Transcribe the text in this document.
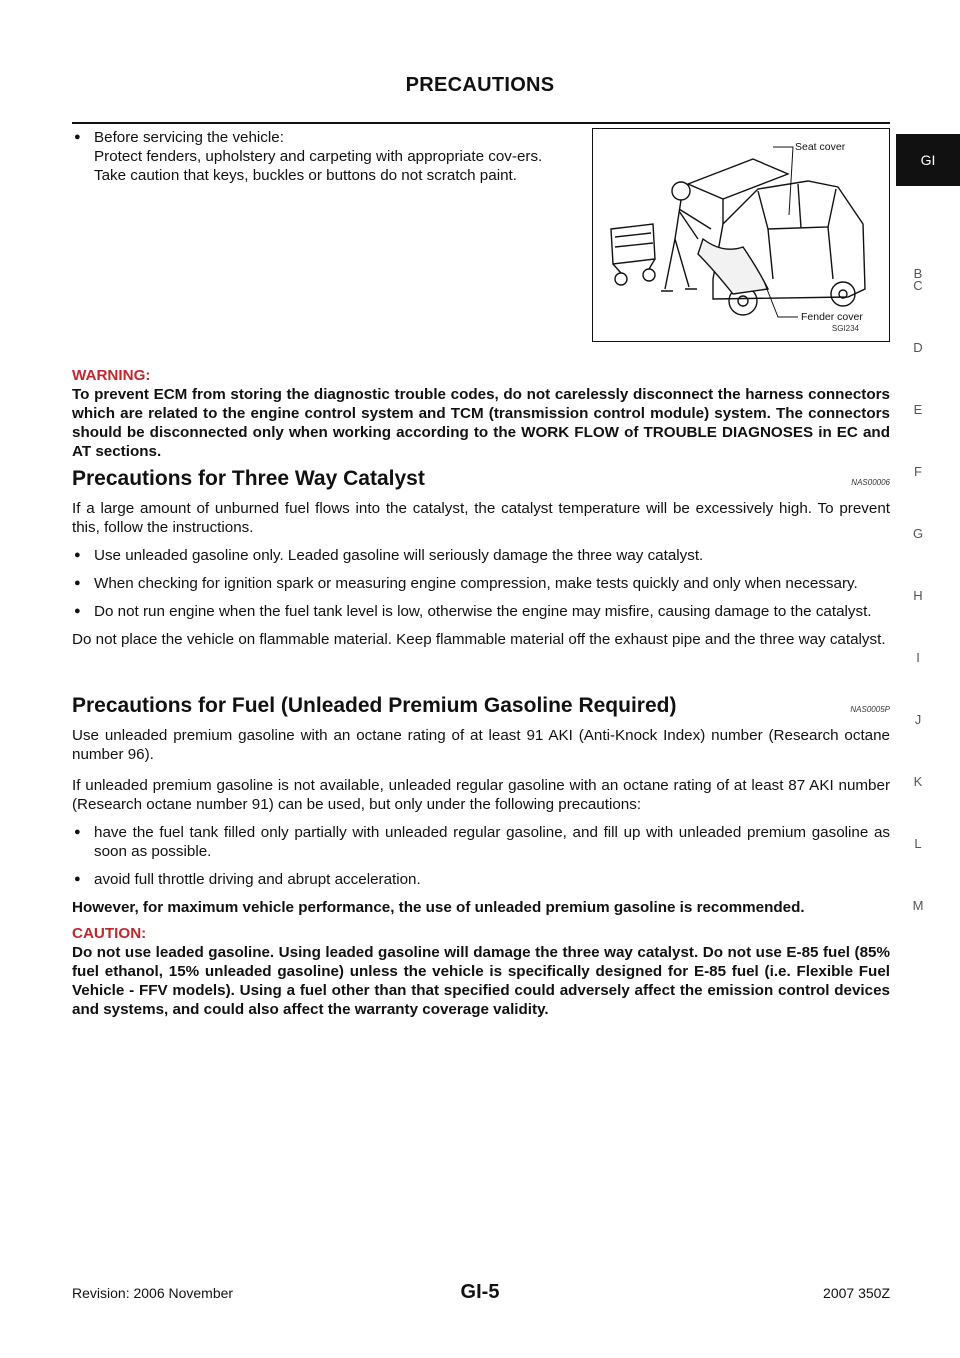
PRECAUTIONS
GI
B
C
D
E
F
G
H
I
J
K
L
M

● Before servicing the vehicle:

Protect fenders, upholstery and carpeting with appropriate cov-ers.

Take caution that keys, buckles or buttons do not scratch paint.

Seat cover
Fender cover
SGI234

WARNING:

To prevent ECM from storing the diagnostic trouble codes, do not carelessly disconnect the harness connectors which are related to the engine control system and TCM (transmission control module) system. The connectors should be disconnected only when working according to the WORK FLOW of TROUBLE DIAGNOSES in EC and AT sections.

Precautions for Three Way Catalyst	NAS00006

If a large amount of unburned fuel flows into the catalyst, the catalyst temperature will be excessively high. To prevent this, follow the instructions.

● Use unleaded gasoline only. Leaded gasoline will seriously damage the three way catalyst.

● When checking for ignition spark or measuring engine compression, make tests quickly and only when necessary.

● Do not run engine when the fuel tank level is low, otherwise the engine may misfire, causing damage to the catalyst.

Do not place the vehicle on flammable material. Keep flammable material off the exhaust pipe and the three way catalyst.

Precautions for Fuel (Unleaded Premium Gasoline Required)	NAS0005P

Use unleaded premium gasoline with an octane rating of at least 91 AKI (Anti-Knock Index) number (Research octane number 96).

If unleaded premium gasoline is not available, unleaded regular gasoline with an octane rating of at least 87 AKI number (Research octane number 91) can be used, but only under the following precautions:

● have the fuel tank filled only partially with unleaded regular gasoline, and fill up with unleaded premium gasoline as soon as possible.

● avoid full throttle driving and abrupt acceleration.

However, for maximum vehicle performance, the use of unleaded premium gasoline is recommended.

CAUTION:

Do not use leaded gasoline. Using leaded gasoline will damage the three way catalyst. Do not use E-85 fuel (85% fuel ethanol, 15% unleaded gasoline) unless the vehicle is specifically designed for E-85 fuel (i.e. Flexible Fuel Vehicle - FFV models). Using a fuel other than that specified could adversely affect the emission control devices and systems, and could also affect the warranty coverage validity.

Revision: 2006 November	GI-5	2007 350Z
